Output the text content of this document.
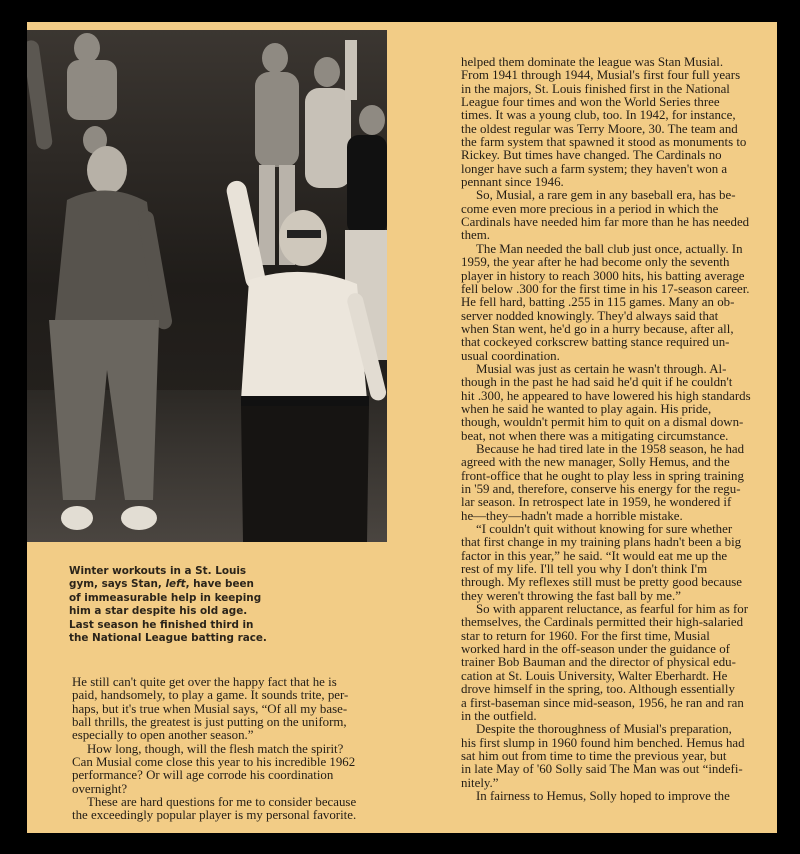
Winter workouts in a St. Louis
gym, says Stan, left, have been
of immeasurable help in keeping
him a star despite his old age.
Last season he finished third in
the National League batting race.

He still can't quite get over the happy fact that he is
paid, handsomely, to play a game. It sounds trite, per-
haps, but it's true when Musial says, “Of all my base-
ball thrills, the greatest is just putting on the uniform,
especially to open another season.”
How long, though, will the flesh match the spirit?
Can Musial come close this year to his incredible 1962
performance? Or will age corrode his coordination
overnight?
These are hard questions for me to consider because
the exceedingly popular player is my personal favorite.
helped them dominate the league was Stan Musial.
From 1941 through 1944, Musial's first four full years
in the majors, St. Louis finished first in the National
League four times and won the World Series three
times. It was a young club, too. In 1942, for instance,
the oldest regular was Terry Moore, 30. The team and
the farm system that spawned it stood as monuments to
Rickey. But times have changed. The Cardinals no
longer have such a farm system; they haven't won a
pennant since 1946.
So, Musial, a rare gem in any baseball era, has be-
come even more precious in a period in which the
Cardinals have needed him far more than he has needed
them.
The Man needed the ball club just once, actually. In
1959, the year after he had become only the seventh
player in history to reach 3000 hits, his batting average
fell below .300 for the first time in his 17-season career.
He fell hard, batting .255 in 115 games. Many an ob-
server nodded knowingly. They'd always said that
when Stan went, he'd go in a hurry because, after all,
that cockeyed corkscrew batting stance required un-
usual coordination.
Musial was just as certain he wasn't through. Al-
though in the past he had said he'd quit if he couldn't
hit .300, he appeared to have lowered his high standards
when he said he wanted to play again. His pride,
though, wouldn't permit him to quit on a dismal down-
beat, not when there was a mitigating circumstance.
Because he had tired late in the 1958 season, he had
agreed with the new manager, Solly Hemus, and the
front-office that he ought to play less in spring training
in '59 and, therefore, conserve his energy for the regu-
lar season. In retrospect late in 1959, he wondered if
he—they—hadn't made a horrible mistake.
“I couldn't quit without knowing for sure whether
that first change in my training plans hadn't been a big
factor in this year,” he said. “It would eat me up the
rest of my life. I'll tell you why I don't think I'm
through. My reflexes still must be pretty good because
they weren't throwing the fast ball by me.”
So with apparent reluctance, as fearful for him as for
themselves, the Cardinals permitted their high-salaried
star to return for 1960. For the first time, Musial
worked hard in the off-season under the guidance of
trainer Bob Bauman and the director of physical edu-
cation at St. Louis University, Walter Eberhardt. He
drove himself in the spring, too. Although essentially
a first-baseman since mid-season, 1956, he ran and ran
in the outfield.
Despite the thoroughness of Musial's preparation,
his first slump in 1960 found him benched. Hemus had
sat him out from time to time the previous year, but
in late May of '60 Solly said The Man was out “indefi-
nitely.”
In fairness to Hemus, Solly hoped to improve the
